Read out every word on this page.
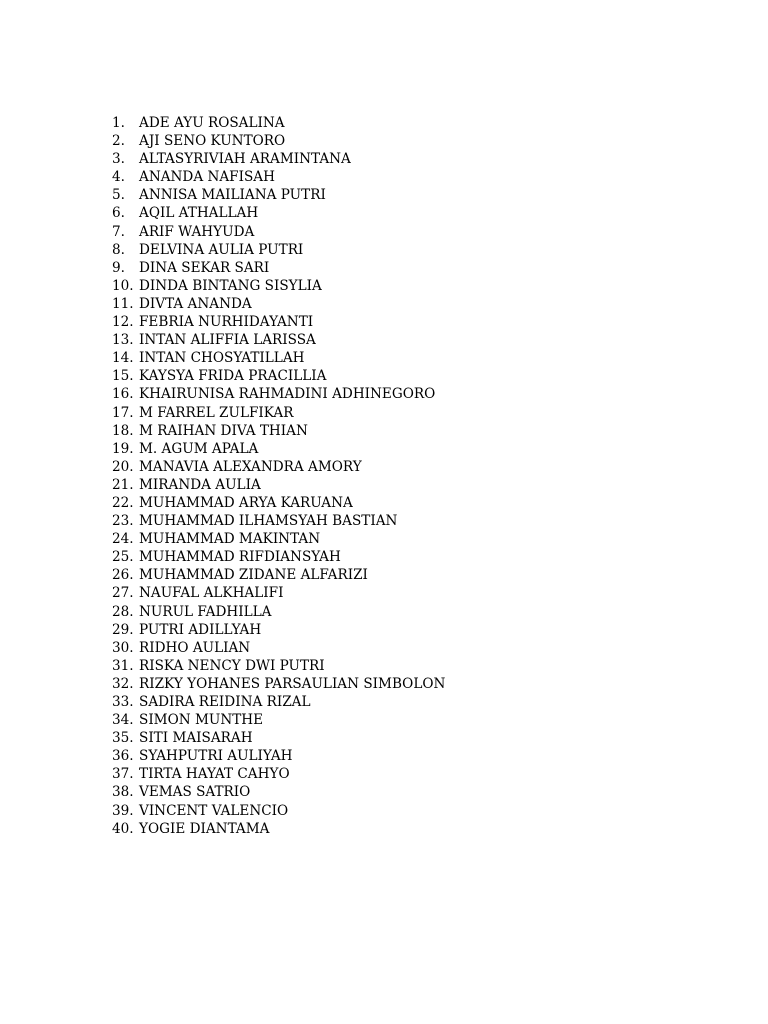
1.	ADE AYU ROSALINA
2.	AJI SENO KUNTORO
3.	ALTASYRIVIAH ARAMINTANA
4.	ANANDA NAFISAH
5.	ANNISA MAILIANA PUTRI
6.	AQIL ATHALLAH
7.	ARIF WAHYUDA
8.	DELVINA AULIA PUTRI
9.	DINA SEKAR SARI
10. DINDA BINTANG SISYLIA
11. DIVTA ANANDA
12. FEBRIA NURHIDAYANTI
13. INTAN ALIFFIA LARISSA
14. INTAN CHOSYATILLAH
15. KAYSYA FRIDA PRACILLIA
16. KHAIRUNISA RAHMADINI ADHINEGORO
17. M FARREL ZULFIKAR
18. M RAIHAN DIVA THIAN
19. M. AGUM APALA
20. MANAVIA ALEXANDRA AMORY
21. MIRANDA AULIA
22. MUHAMMAD ARYA KARUANA
23. MUHAMMAD ILHAMSYAH BASTIAN
24. MUHAMMAD MAKINTAN
25. MUHAMMAD RIFDIANSYAH
26. MUHAMMAD ZIDANE ALFARIZI
27. NAUFAL ALKHALIFI
28. NURUL FADHILLA
29. PUTRI ADILLYAH
30. RIDHO AULIAN
31. RISKA NENCY DWI PUTRI
32. RIZKY YOHANES PARSAULIAN SIMBOLON
33. SADIRA REIDINA RIZAL
34. SIMON MUNTHE
35. SITI MAISARAH
36. SYAHPUTRI AULIYAH
37. TIRTA HAYAT CAHYO
38. VEMAS SATRIO
39. VINCENT VALENCIO
40. YOGIE DIANTAMA
